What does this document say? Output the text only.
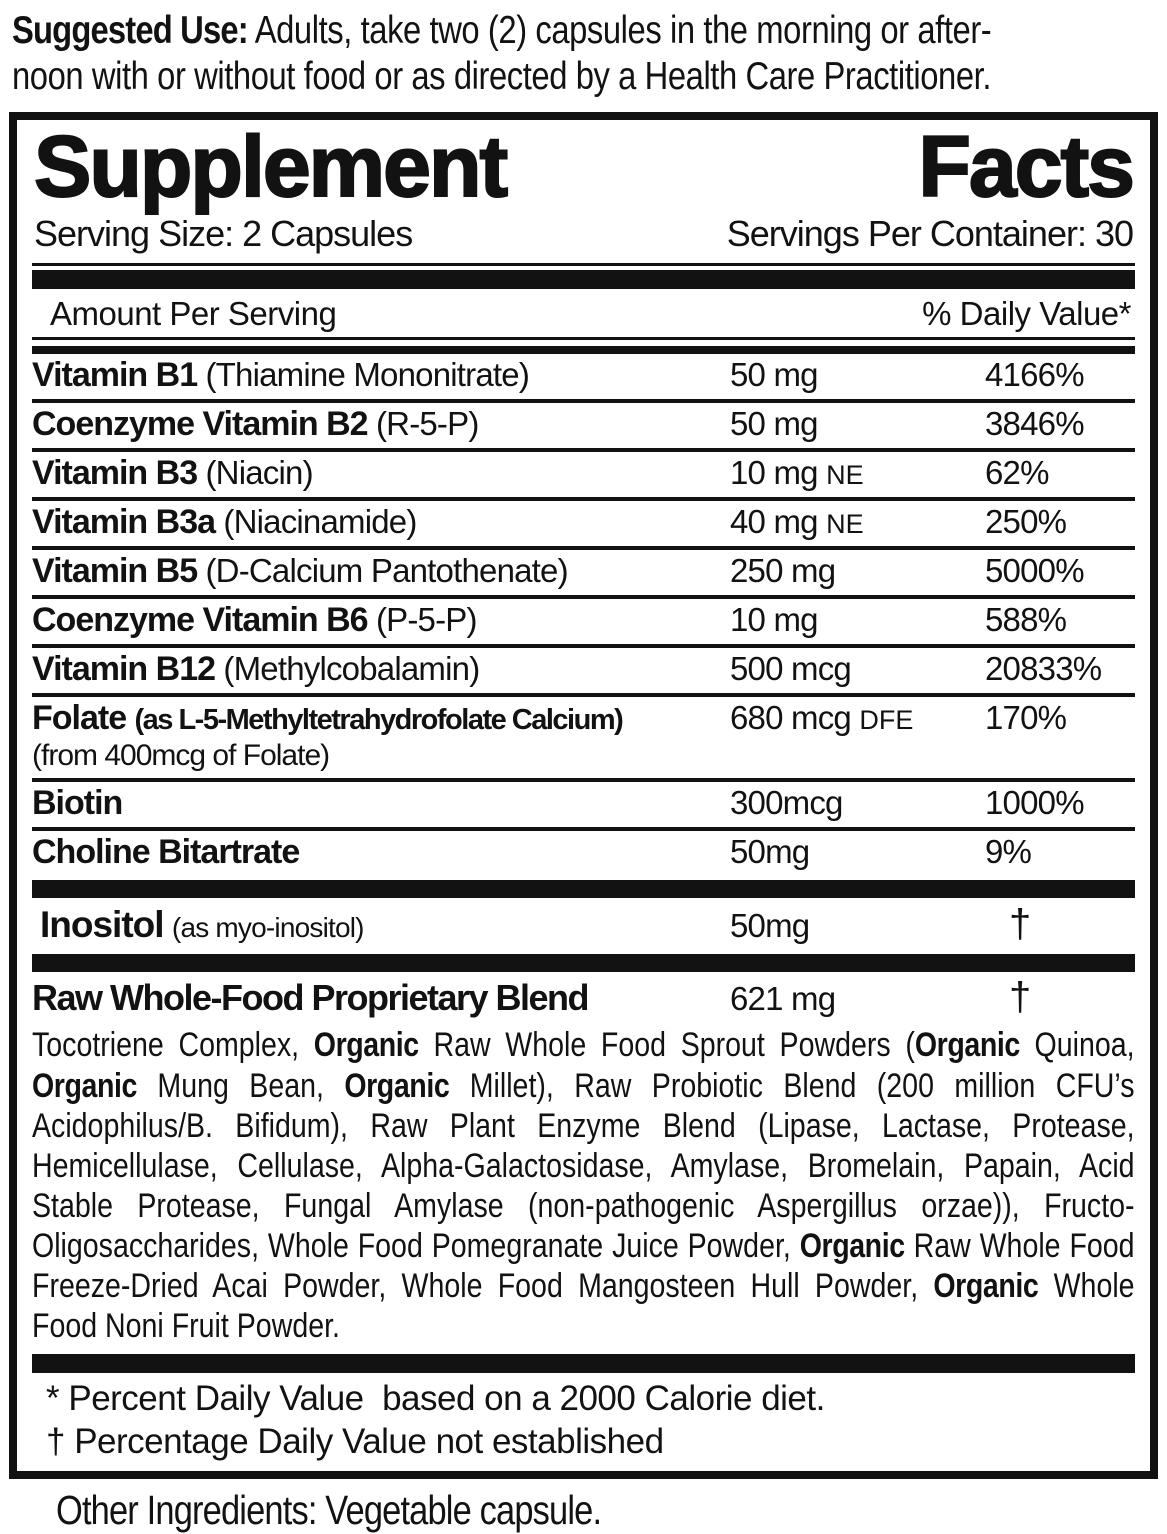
Suggested Use: Adults, take two (2) capsules in the morning or after-
noon with or without food or as directed by a Health Care Practitioner.
Supplement Facts
Serving Size: 2 Capsules	Servings Per Container: 30
Amount Per Serving	% Daily Value*
Vitamin B1 (Thiamine Mononitrate)	50 mg	4166%
Coenzyme Vitamin B2 (R-5-P)	50 mg	3846%
Vitamin B3 (Niacin)	10 mg NE	62%
Vitamin B3a (Niacinamide)	40 mg NE	250%
Vitamin B5 (D-Calcium Pantothenate)	250 mg	5000%
Coenzyme Vitamin B6 (P-5-P)	10 mg	588%
Vitamin B12 (Methylcobalamin)	500 mcg	20833%
Folate (as L-5-Methyltetrahydrofolate Calcium)	680 mcg DFE	170%
(from 400mcg of Folate)
Biotin	300mcg	1000%
Choline Bitartrate	50mg	9%
Inositol (as myo-inositol)	50mg	†
Raw Whole-Food Proprietary Blend	621 mg	†
Tocotriene Complex, Organic Raw Whole Food Sprout Powders (Organic Quinoa, Organic Mung Bean, Organic Millet), Raw Probiotic Blend (200 million CFU’s Acidophilus/B. Bifidum), Raw Plant Enzyme Blend (Lipase, Lactase, Protease, Hemicellulase, Cellulase, Alpha-Galactosidase, Amylase, Bromelain, Papain, Acid Stable Protease, Fungal Amylase (non-pathogenic Aspergillus orzae)), Fructo-Oligosaccharides, Whole Food Pomegranate Juice Powder, Organic Raw Whole Food Freeze-Dried Acai Powder, Whole Food Mangosteen Hull Powder, Organic Whole Food Noni Fruit Powder.
* Percent Daily Value  based on a 2000 Calorie diet.
† Percentage Daily Value not established
Other Ingredients: Vegetable capsule.
